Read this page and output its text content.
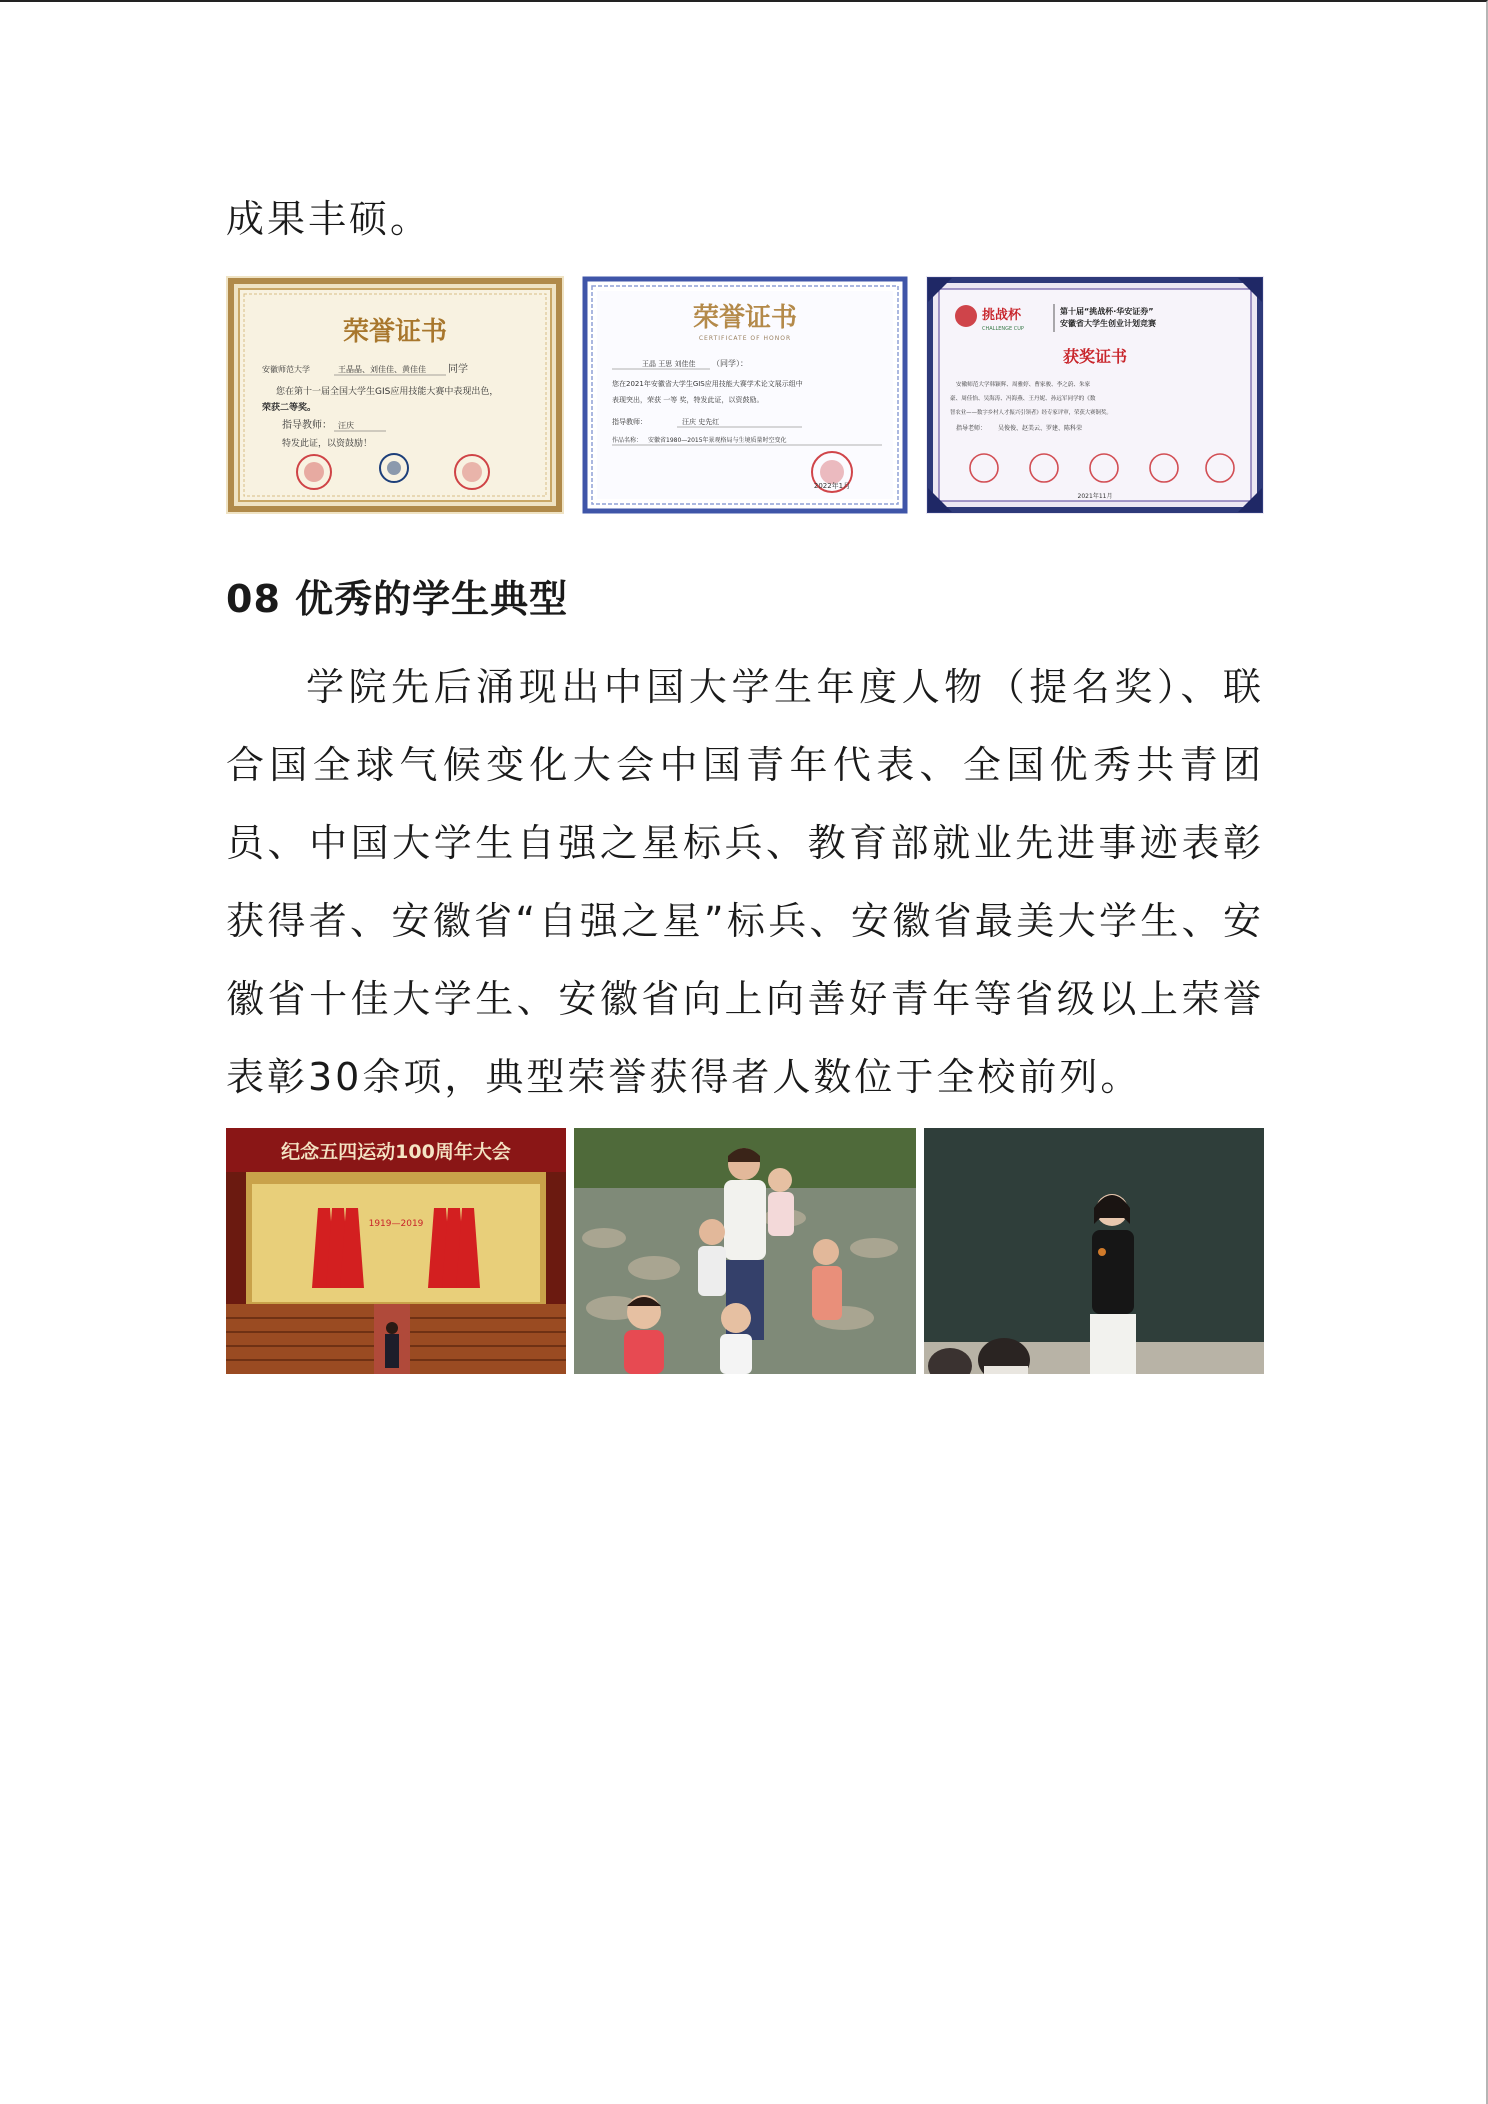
成果丰硕。

荣誉证书
安徽师范大学	王晶晶、刘佳佳、黄佳佳 同学
您在第十一届全国大学生GIS应用技能大赛中表现出色，
荣获二等奖。
指导教师： 汪庆
特发此证，以资鼓励！
荣誉证书
CERTIFICATE OF HONOR
王晶 王思 刘佳佳 （同学）：
您在2021年安徽省大学生GIS应用技能大赛学术论文展示组中
表现突出，荣获 一等 奖，特发此证，以资鼓励。
指导教师：	汪庆 史先红
作品名称： 安徽省1980—2015年景观格局与生境质量时空变化
2022年1月
挑战杯
CHALLENGE CUP
第十届“挑战杯·华安证券”
安徽省大学生创业计划竞赛
获奖证书
安徽师范大学韩颖辉、周雅婷、曹家骏、李之蔚、朱家
豪、周佳怡、吴海涛、冯海燕、王丹妮、孙远军同学的《数
智农业——数字乡村人才振兴引领者》经专家评审，荣获大赛铜奖。
指导老师： 吴俊俊、赵美云、罗建、陈科荣
2021年11月
08 优秀的学生典型

学院先后涌现出中国大学生年度人物（提名奖）、联合国全球气候变化大会中国青年代表、全国优秀共青团员、中国大学生自强之星标兵、教育部就业先进事迹表彰获得者、安徽省“自强之星”标兵、安徽省最美大学生、安徽省十佳大学生、安徽省向上向善好青年等省级以上荣誉表彰30余项，典型荣誉获得者人数位于全校前列。

纪念五四运动100周年大会
1919—2019
